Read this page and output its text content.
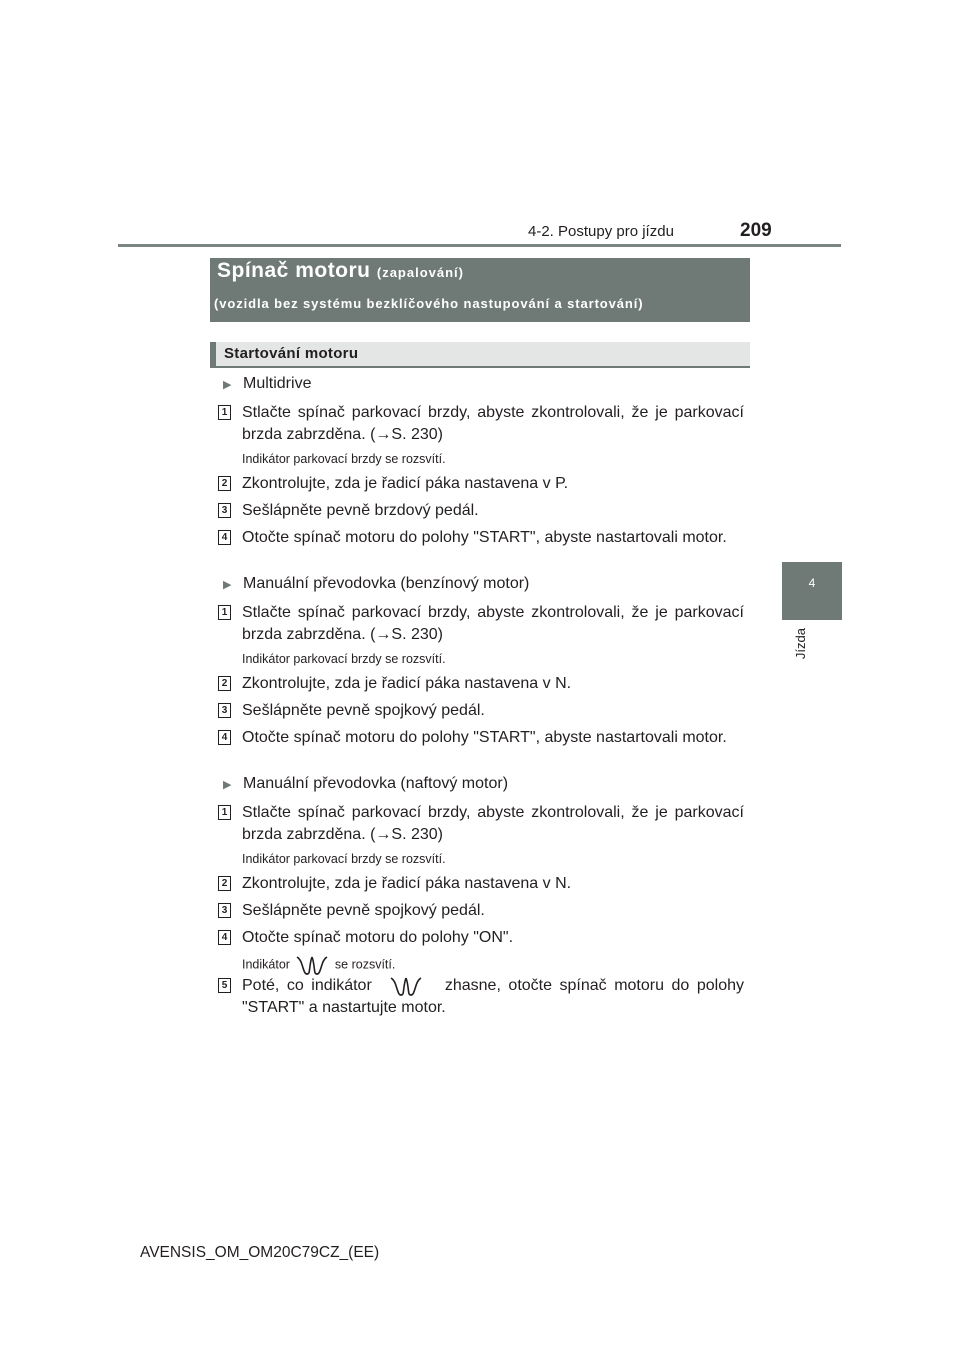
4-2. Postupy pro jízdu	209
4
Jízda
Spínač motoru (zapalování)
(vozidla bez systému bezklíčového nastupování a startování)
Startování motoru
▶ Multidrive
1 Stlačte spínač parkovací brzdy, abyste zkontrolovali, že je parkovací brzda zabrzděna. (→S. 230)
Indikátor parkovací brzdy se rozsvítí.
2 Zkontrolujte, zda je řadicí páka nastavena v P.
3 Sešlápněte pevně brzdový pedál.
4 Otočte spínač motoru do polohy "START", abyste nastartovali motor.
▶ Manuální převodovka (benzínový motor)
1 Stlačte spínač parkovací brzdy, abyste zkontrolovali, že je parkovací brzda zabrzděna. (→S. 230)
Indikátor parkovací brzdy se rozsvítí.
2 Zkontrolujte, zda je řadicí páka nastavena v N.
3 Sešlápněte pevně spojkový pedál.
4 Otočte spínač motoru do polohy "START", abyste nastartovali motor.
▶ Manuální převodovka (naftový motor)
1 Stlačte spínač parkovací brzdy, abyste zkontrolovali, že je parkovací brzda zabrzděna. (→S. 230)
Indikátor parkovací brzdy se rozsvítí.
2 Zkontrolujte, zda je řadicí páka nastavena v N.
3 Sešlápněte pevně spojkový pedál.
4 Otočte spínač motoru do polohy "ON".
Indikátor	se rozsvítí.
5 Poté, co indikátor	zhasne, otočte spínač motoru do polohy "START" a nastartujte motor.
AVENSIS_OM_OM20C79CZ_(EE)
